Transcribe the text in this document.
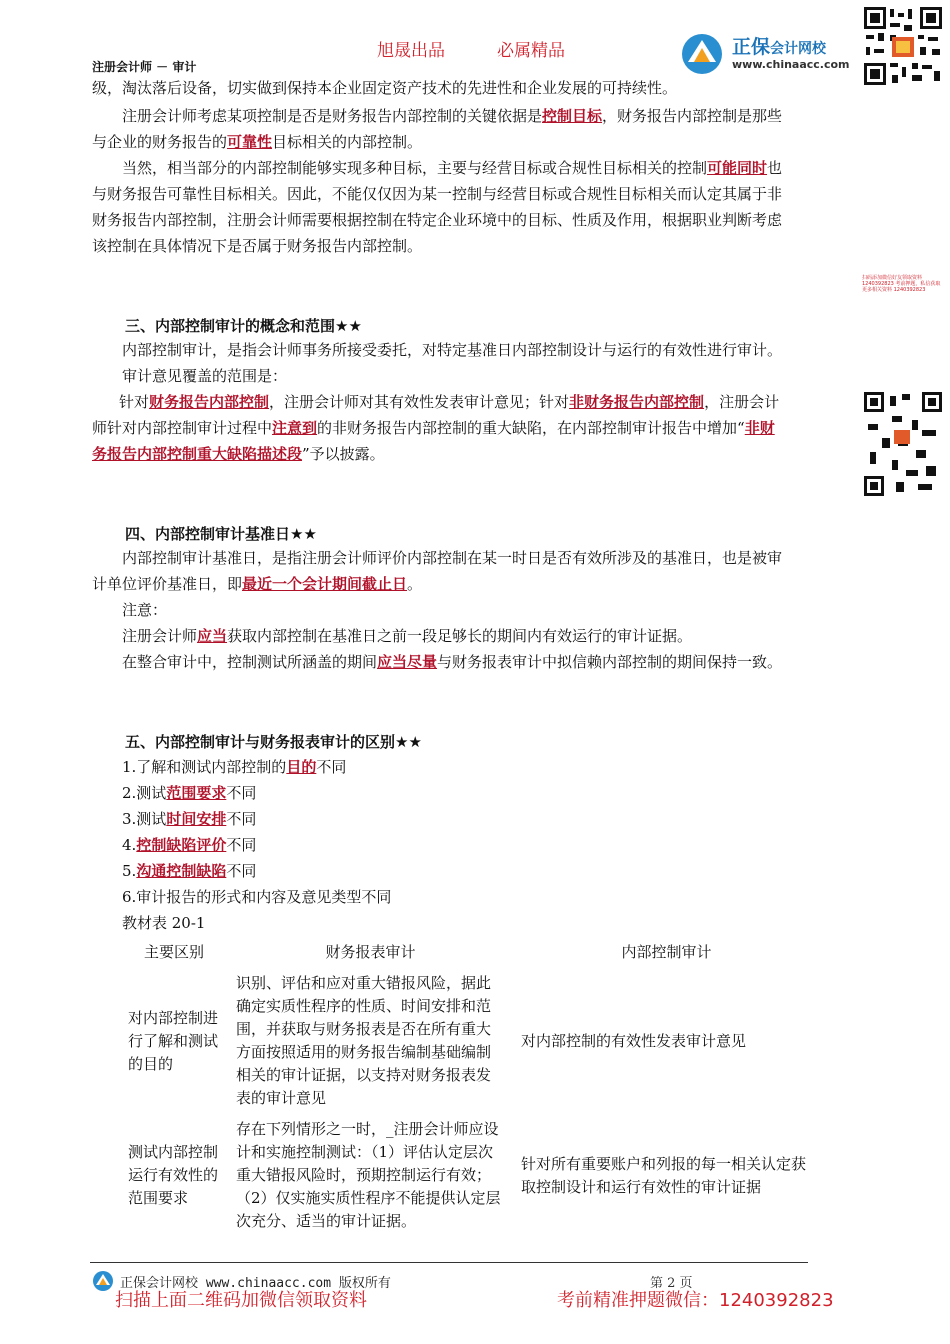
旭晟出品	必属精品
注册会计师 － 审计
正保会计网校
www.chinaacc.com
扫码添加微信好友领取资料 1240392823 考前押题，私信获取更多相关资料 1240392823
级，淘汰落后设备，切实做到保持本企业固定资产技术的先进性和企业发展的可持续性。
注册会计师考虑某项控制是否是财务报告内部控制的关键依据是控制目标，财务报告内部控制是那些
与企业的财务报告的可靠性目标相关的内部控制。
当然，相当部分的内部控制能够实现多种目标，主要与经营目标或合规性目标相关的控制可能同时也
与财务报告可靠性目标相关。因此，不能仅仅因为某一控制与经营目标或合规性目标相关而认定其属于非
财务报告内部控制，注册会计师需要根据控制在特定企业环境中的目标、性质及作用，根据职业判断考虑
该控制在具体情况下是否属于财务报告内部控制。
三、内部控制审计的概念和范围★★
内部控制审计，是指会计师事务所接受委托，对特定基准日内部控制设计与运行的有效性进行审计。
审计意见覆盖的范围是：
针对财务报告内部控制，注册会计师对其有效性发表审计意见；针对非财务报告内部控制，注册会计
师针对内部控制审计过程中注意到的非财务报告内部控制的重大缺陷，在内部控制审计报告中增加“非财
务报告内部控制重大缺陷描述段”予以披露。
四、内部控制审计基准日★★
内部控制审计基准日，是指注册会计师评价内部控制在某一时日是否有效所涉及的基准日，也是被审
计单位评价基准日，即最近一个会计期间截止日。
注意：
注册会计师应当获取内部控制在基准日之前一段足够长的期间内有效运行的审计证据。
在整合审计中，控制测试所涵盖的期间应当尽量与财务报表审计中拟信赖内部控制的期间保持一致。
五、内部控制审计与财务报表审计的区别★★
1.了解和测试内部控制的目的不同
2.测试范围要求不同
3.测试时间安排不同
4.控制缺陷评价不同
5.沟通控制缺陷不同
6.审计报告的形式和内容及意见类型不同
教材表 20-1
主要区别	财务报表审计	内部控制审计
对内部控制进行了解和测试的目的	识别、评估和应对重大错报风险，据此确定实质性程序的性质、时间安排和范围，并获取与财务报表是否在所有重大方面按照适用的财务报告编制基础编制相关的审计证据，以支持对财务报表发表的审计意见	对内部控制的有效性发表审计意见
测试内部控制运行有效性的范围要求	存在下列情形之一时，_注册会计师应设计和实施控制测试：（1）评估认定层次重大错报风险时，预期控制运行有效；（2）仅实施实质性程序不能提供认定层次充分、适当的审计证据。	针对所有重要账户和列报的每一相关认定获取控制设计和运行有效性的审计证据
正保会计网校 www.chinaacc.com 版权所有	第 2 页
扫描上面二维码加微信领取资料	考前精准押题微信：1240392823
